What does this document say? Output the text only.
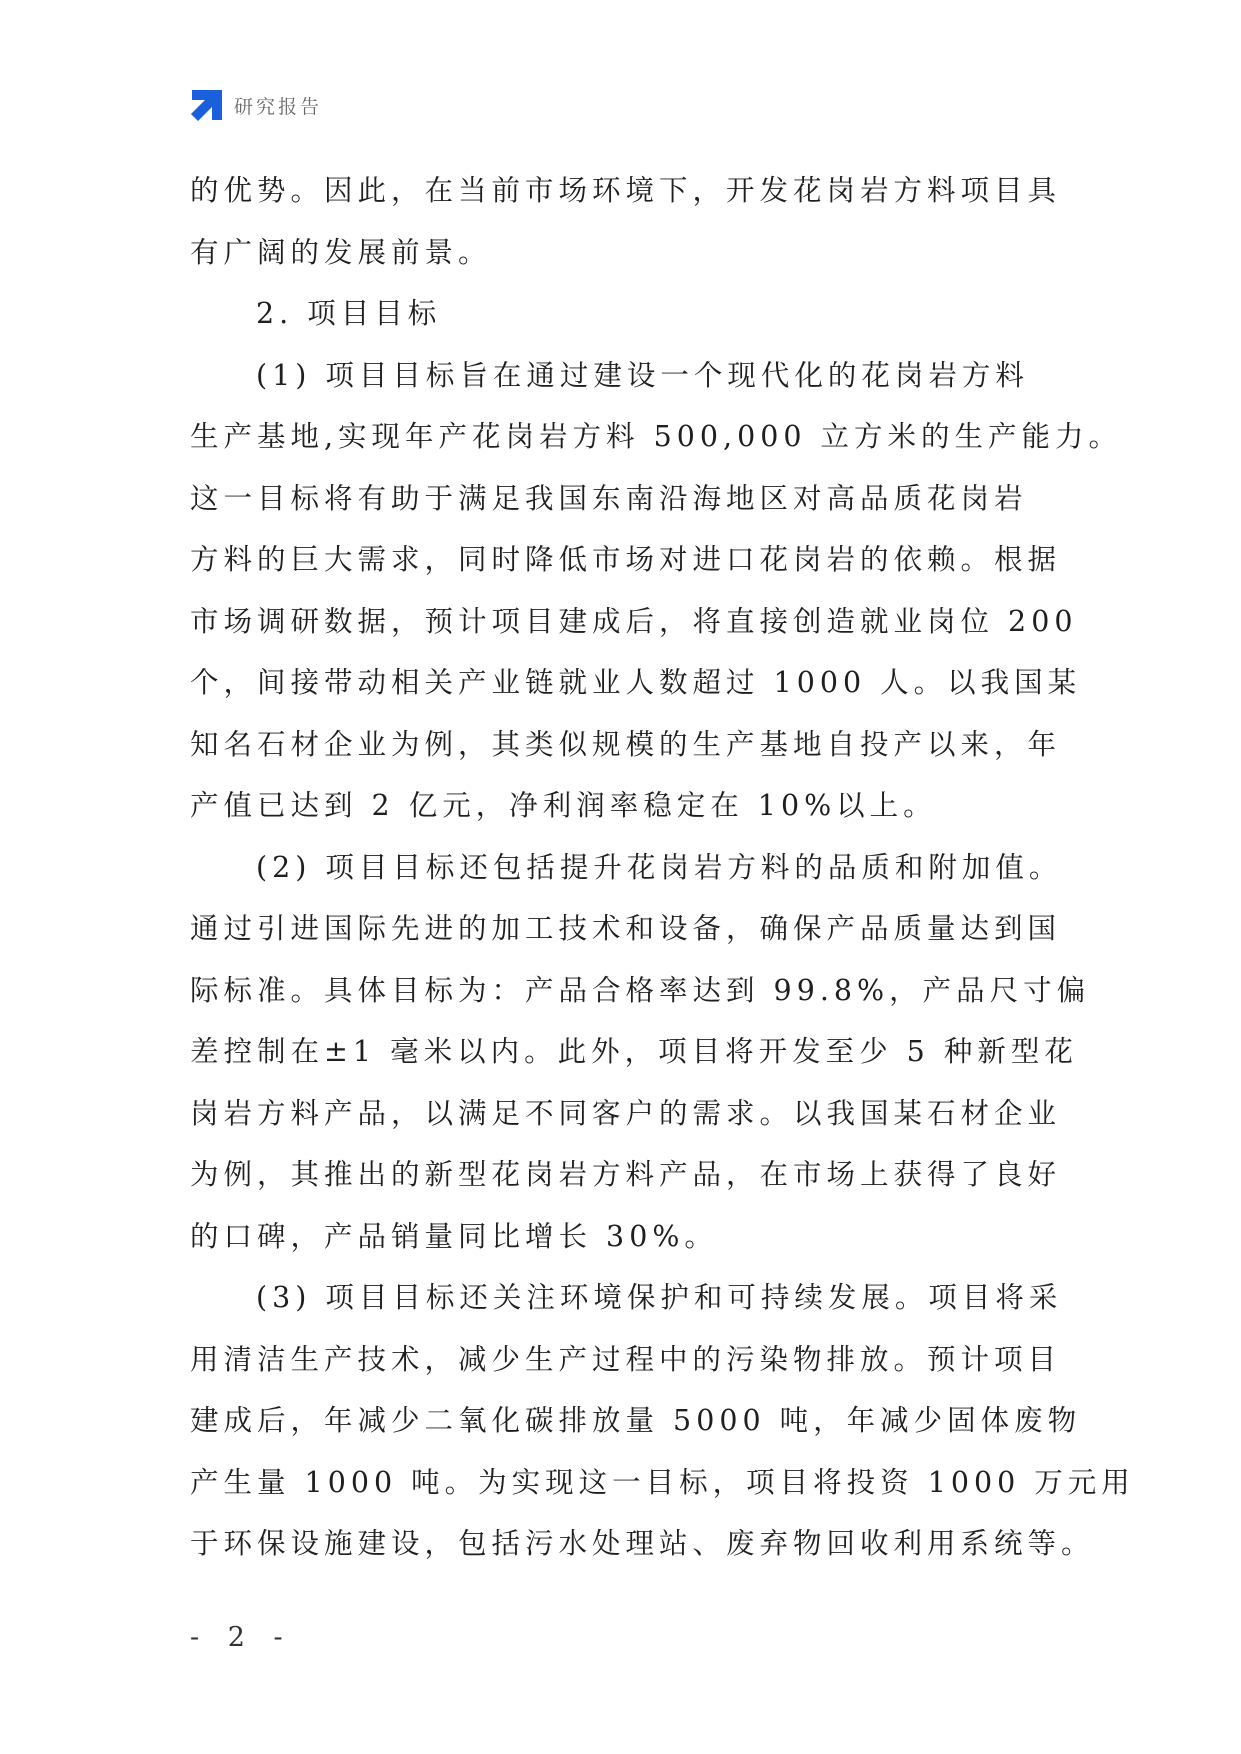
研究报告
的优势。因此，在当前市场环境下，开发花岗岩方料项目具
有广阔的发展前景。
2. 项目目标
(1) 项目目标旨在通过建设一个现代化的花岗岩方料
生产基地,实现年产花岗岩方料 500,000 立方米的生产能力。
这一目标将有助于满足我国东南沿海地区对高品质花岗岩
方料的巨大需求，同时降低市场对进口花岗岩的依赖。根据
市场调研数据，预计项目建成后，将直接创造就业岗位 200
个，间接带动相关产业链就业人数超过 1000 人。以我国某
知名石材企业为例，其类似规模的生产基地自投产以来，年
产值已达到 2 亿元，净利润率稳定在 10%以上。
(2) 项目目标还包括提升花岗岩方料的品质和附加值。
通过引进国际先进的加工技术和设备，确保产品质量达到国
际标准。具体目标为：产品合格率达到 99.8%，产品尺寸偏
差控制在±1 毫米以内。此外，项目将开发至少 5 种新型花
岗岩方料产品，以满足不同客户的需求。以我国某石材企业
为例，其推出的新型花岗岩方料产品，在市场上获得了良好
的口碑，产品销量同比增长 30%。
(3) 项目目标还关注环境保护和可持续发展。项目将采
用清洁生产技术，减少生产过程中的污染物排放。预计项目
建成后，年减少二氧化碳排放量 5000 吨，年减少固体废物
产生量 1000 吨。为实现这一目标，项目将投资 1000 万元用
于环保设施建设，包括污水处理站、废弃物回收利用系统等。
- 2 -
